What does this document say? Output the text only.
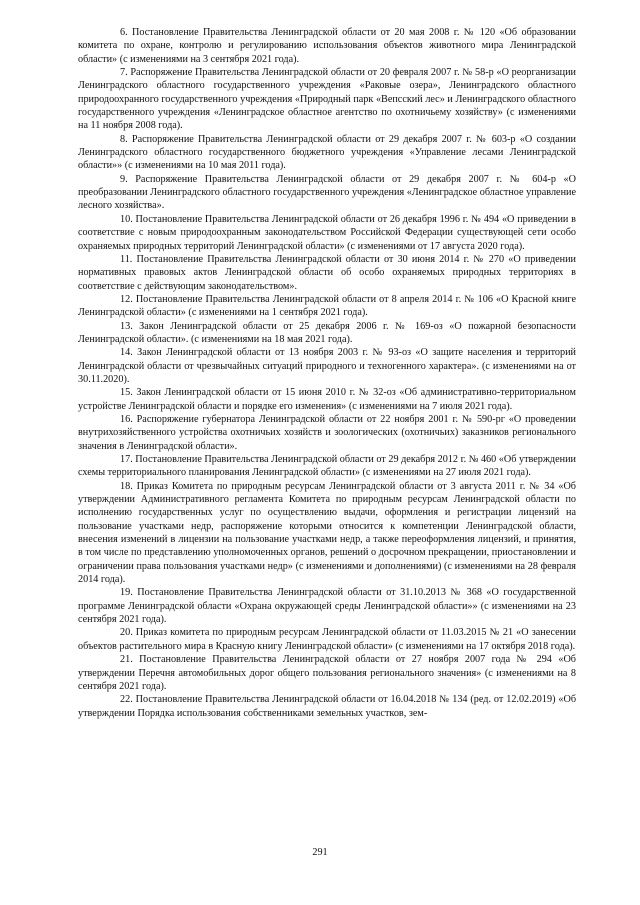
6. Постановление Правительства Ленинградской области от 20 мая 2008 г. № 120 «Об образовании комитета по охране, контролю и регулированию использования объектов животного мира Ленинградской области» (с изменениями на 3 сентября 2021 года).

7. Распоряжение Правительства Ленинградской области от 20 февраля 2007 г. № 58-р «О реорганизации Ленинградского областного государственного учреждения «Раковые озера», Ленинградского областного природоохранного государственного учреждения «Природный парк «Вепсский лес» и Ленинградского областного государственного учреждения «Ленинградское областное агентство по охотничьему хозяйству» (с изменениями на 11 ноября 2008 года).

8. Распоряжение Правительства Ленинградской области от 29 декабря 2007 г. № 603-р «О создании Ленинградского областного государственного бюджетного учреждения «Управление лесами Ленинградской области»» (с изменениями на 10 мая 2011 года).

9. Распоряжение Правительства Ленинградской области от 29 декабря 2007 г. № 604-р «О преобразовании Ленинградского областного государственного учреждения «Ленинградское областное управление лесного хозяйства».

10. Постановление Правительства Ленинградской области от 26 декабря 1996 г. № 494 «О приведении в соответствие с новым природоохранным законодательством Российской Федерации существующей сети особо охраняемых природных территорий Ленинградской области» (с изменениями от 17 августа 2020 года).

11. Постановление Правительства Ленинградской области от 30 июня 2014 г. № 270 «О приведении нормативных правовых актов Ленинградской области об особо охраняемых природных территориях в соответствие с действующим законодательством».

12. Постановление Правительства Ленинградской области от 8 апреля 2014 г. № 106 «О Красной книге Ленинградской области» (с изменениями на 1 сентября 2021 года).

13. Закон Ленинградской области от 25 декабря 2006 г. № 169-оз «О пожарной безопасности Ленинградской области». (с изменениями на 18 мая 2021 года).

14. Закон Ленинградской области от 13 ноября 2003 г. № 93-оз «О защите населения и территорий Ленинградской области от чрезвычайных ситуаций природного и техногенного характера». (с изменениями на от 30.11.2020).

15. Закон Ленинградской области от 15 июня 2010 г. № 32-оз «Об административно-территориальном устройстве Ленинградской области и порядке его изменения» (с изменениями на 7 июля 2021 года).

16. Распоряжение губернатора Ленинградской области от 22 ноября 2001 г. № 590-рг «О проведении внутрихозяйственного устройства охотничьих хозяйств и зоологических (охотничьих) заказников регионального значения в Ленинградской области».

17. Постановление Правительства Ленинградской области от 29 декабря 2012 г. № 460 «Об утверждении схемы территориального планирования Ленинградской области» (с изменениями на 27 июля 2021 года).

18. Приказ Комитета по природным ресурсам Ленинградской области от 3 августа 2011 г. № 34 «Об утверждении Административного регламента Комитета по природным ресурсам Ленинградской области по исполнению государственных услуг по осуществлению выдачи, оформления и регистрации лицензий на пользование участками недр, распоряжение которыми относится к компетенции Ленинградской области, внесения изменений в лицензии на пользование участками недр, а также переоформления лицензий, и принятия, в том числе по представлению уполномоченных органов, решений о досрочном прекращении, приостановлении и ограничении права пользования участками недр» (с изменениями и дополнениями) (с изменениями на 28 февраля 2014 года).

19. Постановление Правительства Ленинградской области от 31.10.2013 № 368 «О государственной программе Ленинградской области «Охрана окружающей среды Ленинградской области»» (с изменениями на 23 сентября 2021 года).

20. Приказ комитета по природным ресурсам Ленинградской области от 11.03.2015 № 21 «О занесении объектов растительного мира в Красную книгу Ленинградской области» (с изменениями на 17 октября 2018 года).

21. Постановление Правительства Ленинградской области от 27 ноября 2007 года № 294 «Об утверждении Перечня автомобильных дорог общего пользования регионального значения» (с изменениями на 8 сентября 2021 года).

22. Постановление Правительства Ленинградской области от 16.04.2018 № 134 (ред. от 12.02.2019) «Об утверждении Порядка использования собственниками земельных участков, зем-

291
